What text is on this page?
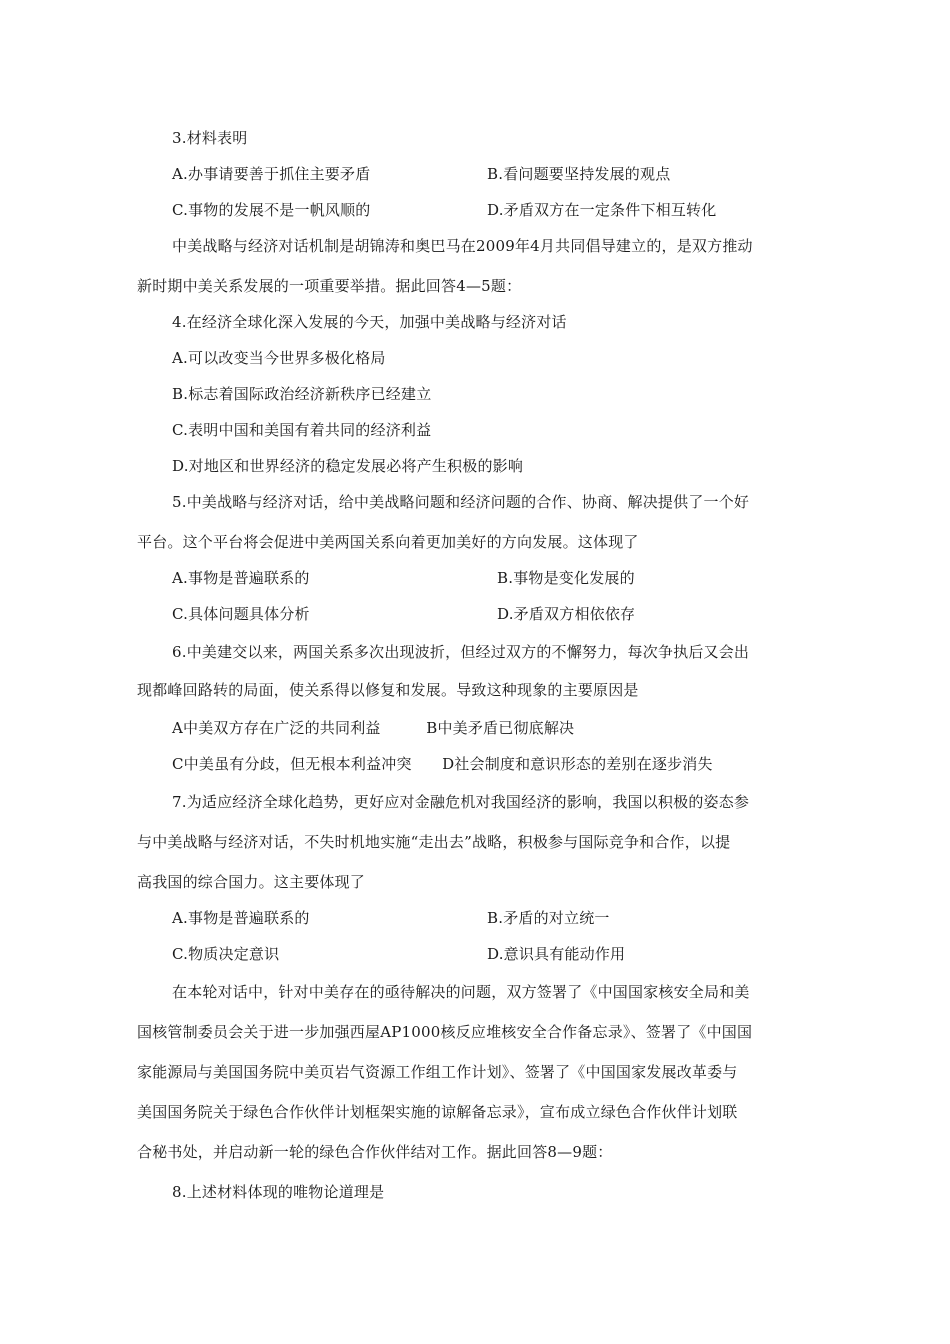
3.材料表明
A.办事请要善于抓住主要矛盾	B.看问题要坚持发展的观点
C.事物的发展不是一帆风顺的	D.矛盾双方在一定条件下相互转化
中美战略与经济对话机制是胡锦涛和奥巴马在2009年4月共同倡导建立的，是双方推动
新时期中美关系发展的一项重要举措。据此回答4—5题：
4.在经济全球化深入发展的今天，加强中美战略与经济对话
A.可以改变当今世界多极化格局
B.标志着国际政治经济新秩序已经建立
C.表明中国和美国有着共同的经济利益
D.对地区和世界经济的稳定发展必将产生积极的影响
5.中美战略与经济对话，给中美战略问题和经济问题的合作、协商、解决提供了一个好
平台。这个平台将会促进中美两国关系向着更加美好的方向发展。这体现了
A.事物是普遍联系的	B.事物是变化发展的
C.具体问题具体分析	D.矛盾双方相依依存
6.中美建交以来，两国关系多次出现波折，但经过双方的不懈努力，每次争执后又会出
现都峰回路转的局面，使关系得以修复和发展。导致这种现象的主要原因是
A中美双方存在广泛的共同利益　　　B中美矛盾已彻底解决
C中美虽有分歧，但无根本利益冲突　　D社会制度和意识形态的差别在逐步消失
7.为适应经济全球化趋势，更好应对金融危机对我国经济的影响，我国以积极的姿态参
与中美战略与经济对话，不失时机地实施“走出去”战略，积极参与国际竞争和合作，以提
高我国的综合国力。这主要体现了
A.事物是普遍联系的	B.矛盾的对立统一
C.物质决定意识	D.意识具有能动作用
在本轮对话中，针对中美存在的亟待解决的问题，双方签署了《中国国家核安全局和美
国核管制委员会关于进一步加强西屋AP1000核反应堆核安全合作备忘录》、签署了《中国国
家能源局与美国国务院中美页岩气资源工作组工作计划》、签署了《中国国家发展改革委与
美国国务院关于绿色合作伙伴计划框架实施的谅解备忘录》，宣布成立绿色合作伙伴计划联
合秘书处，并启动新一轮的绿色合作伙伴结对工作。据此回答8—9题：
8.上述材料体现的唯物论道理是
